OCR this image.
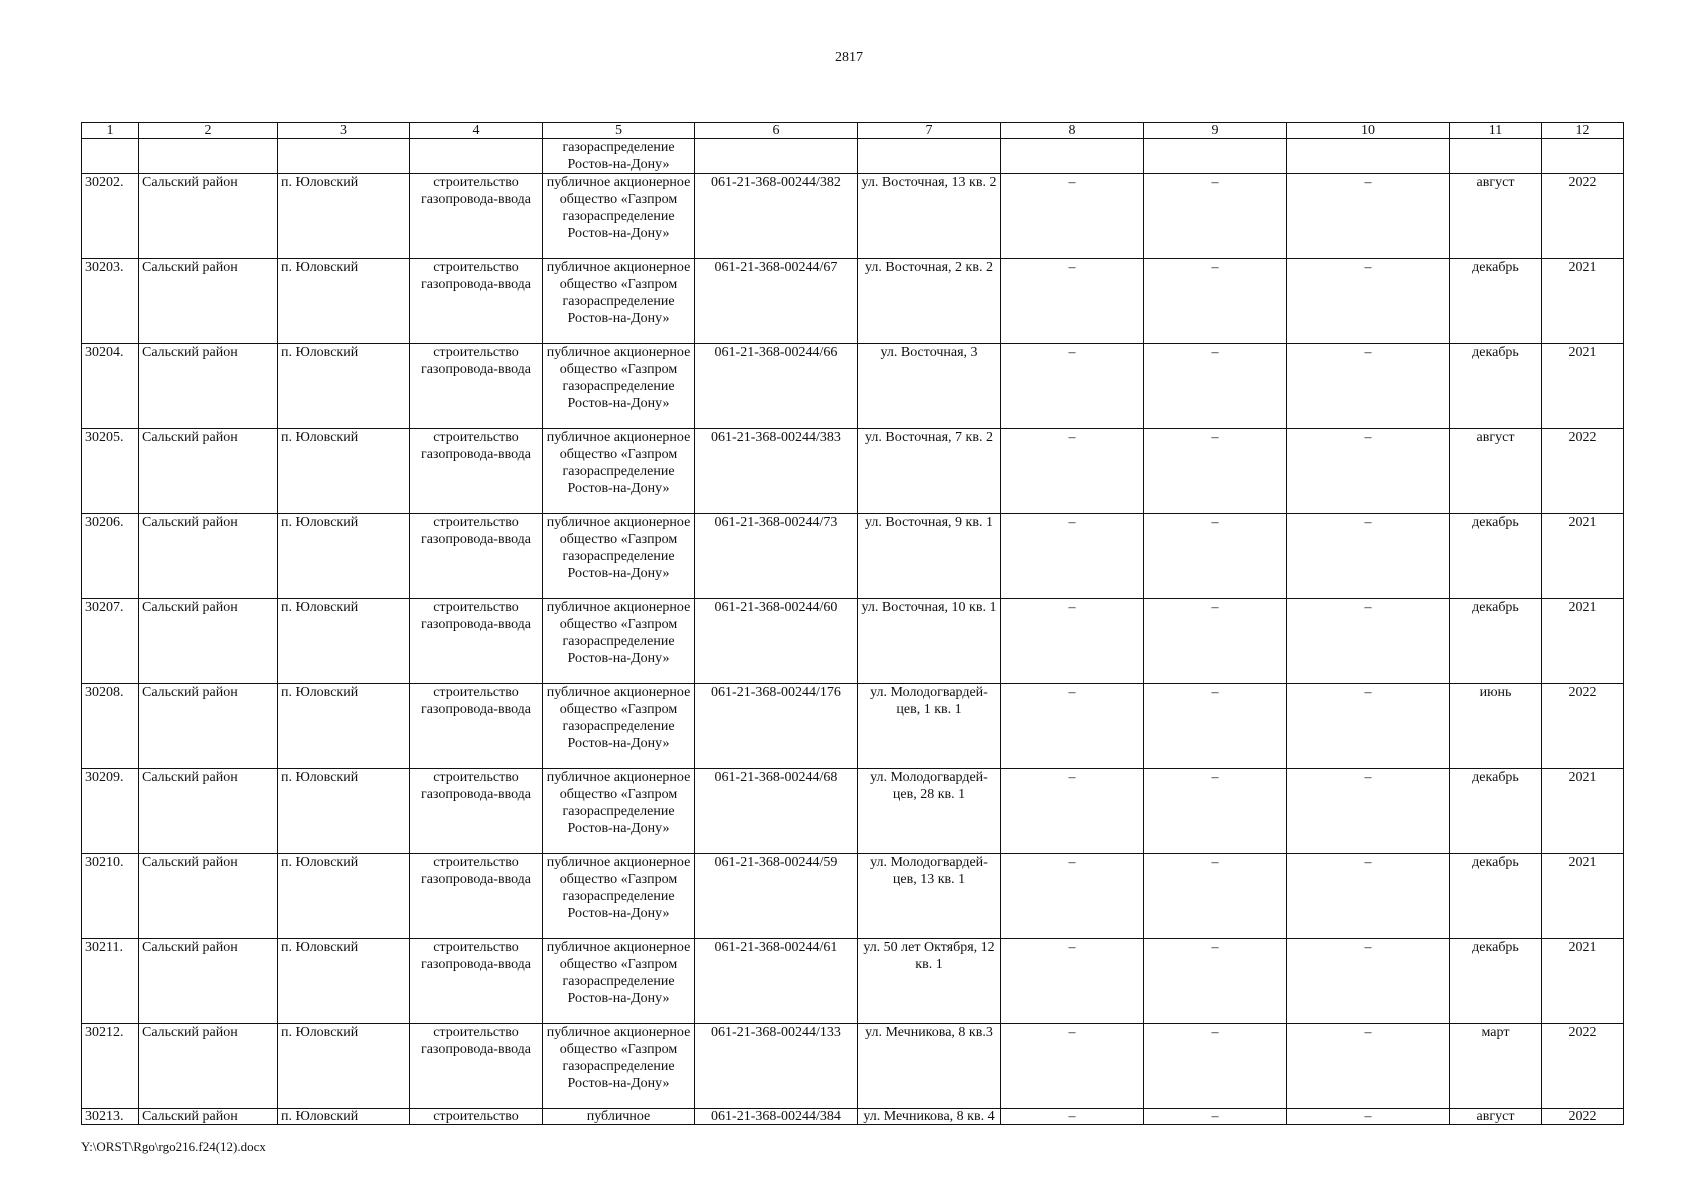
2817
1	2	3	4	5	6	7	8	9	10	11	12
				газораспределение Ростов-на-Дону»							
30202.	Сальский район	п. Юловский	строительство газопровода-ввода	публичное акционерное общество «Газпром газораспределение Ростов-на-Дону»	061-21-368-00244/382	ул. Восточная, 13 кв. 2	–	–	–	август	2022
30203.	Сальский район	п. Юловский	строительство газопровода-ввода	публичное акционерное общество «Газпром газораспределение Ростов-на-Дону»	061-21-368-00244/67	ул. Восточная, 2 кв. 2	–	–	–	декабрь	2021
30204.	Сальский район	п. Юловский	строительство газопровода-ввода	публичное акционерное общество «Газпром газораспределение Ростов-на-Дону»	061-21-368-00244/66	ул. Восточная, 3	–	–	–	декабрь	2021
30205.	Сальский район	п. Юловский	строительство газопровода-ввода	публичное акционерное общество «Газпром газораспределение Ростов-на-Дону»	061-21-368-00244/383	ул. Восточная, 7 кв. 2	–	–	–	август	2022
30206.	Сальский район	п. Юловский	строительство газопровода-ввода	публичное акционерное общество «Газпром газораспределение Ростов-на-Дону»	061-21-368-00244/73	ул. Восточная, 9 кв. 1	–	–	–	декабрь	2021
30207.	Сальский район	п. Юловский	строительство газопровода-ввода	публичное акционерное общество «Газпром газораспределение Ростов-на-Дону»	061-21-368-00244/60	ул. Восточная, 10 кв. 1	–	–	–	декабрь	2021
30208.	Сальский район	п. Юловский	строительство газопровода-ввода	публичное акционерное общество «Газпром газораспределение Ростов-на-Дону»	061-21-368-00244/176	ул. Молодогвардей-цев, 1 кв. 1	–	–	–	июнь	2022
30209.	Сальский район	п. Юловский	строительство газопровода-ввода	публичное акционерное общество «Газпром газораспределение Ростов-на-Дону»	061-21-368-00244/68	ул. Молодогвардей-цев, 28 кв. 1	–	–	–	декабрь	2021
30210.	Сальский район	п. Юловский	строительство газопровода-ввода	публичное акционерное общество «Газпром газораспределение Ростов-на-Дону»	061-21-368-00244/59	ул. Молодогвардей-цев, 13 кв. 1	–	–	–	декабрь	2021
30211.	Сальский район	п. Юловский	строительство газопровода-ввода	публичное акционерное общество «Газпром газораспределение Ростов-на-Дону»	061-21-368-00244/61	ул. 50 лет Октября, 12 кв. 1	–	–	–	декабрь	2021
30212.	Сальский район	п. Юловский	строительство газопровода-ввода	публичное акционерное общество «Газпром газораспределение Ростов-на-Дону»	061-21-368-00244/133	ул. Мечникова, 8 кв.3	–	–	–	март	2022
30213.	Сальский район	п. Юловский	строительство	публичное	061-21-368-00244/384	ул. Мечникова, 8 кв. 4	–	–	–	август	2022
Y:\ORST\Rgo\rgo216.f24(12).docx
